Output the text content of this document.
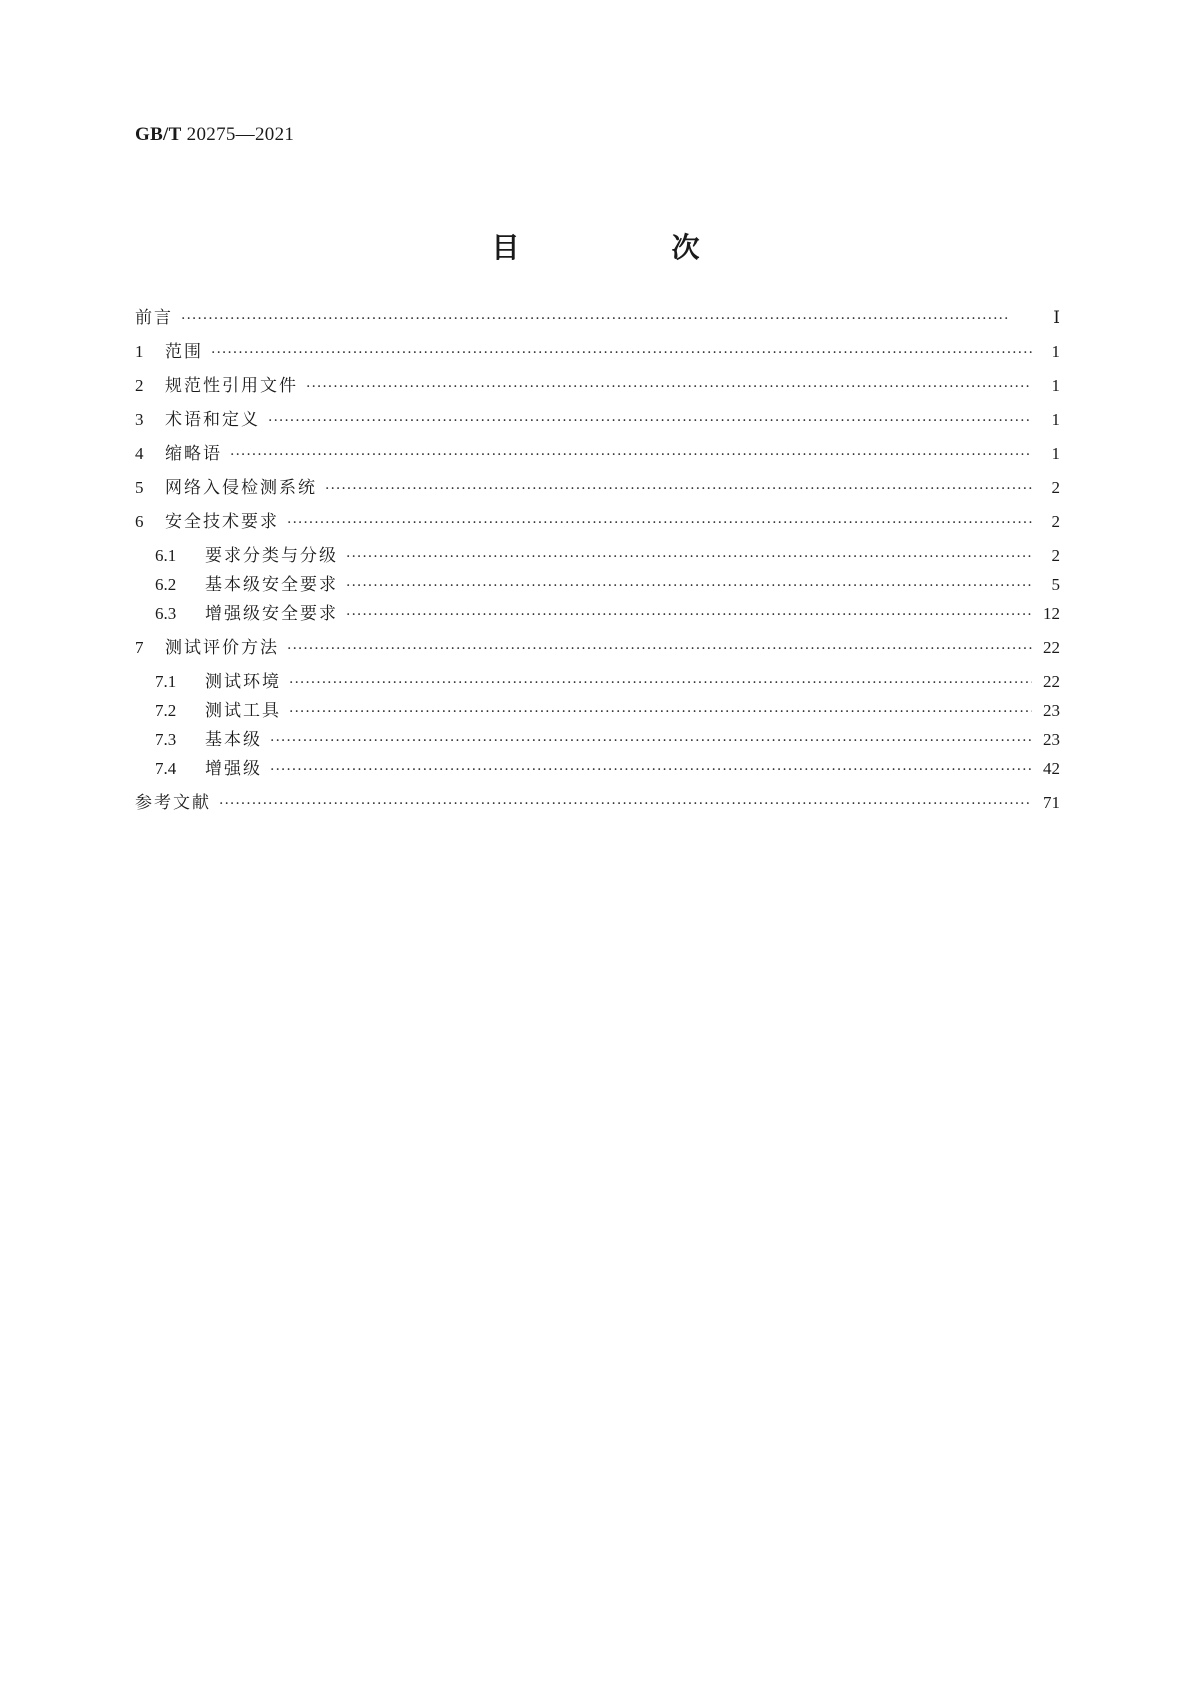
GB/T 20275—2021
目　次
前言 ·····	Ⅰ
1	范围 ·····	1
2	规范性引用文件 ·····	1
3	术语和定义 ·····	1
4	缩略语 ·····	1
5	网络入侵检测系统 ·····	2
6	安全技术要求 ·····	2
6.1	要求分类与分级 ·····	2
6.2	基本级安全要求 ·····	5
6.3	增强级安全要求 ·····	12
7	测试评价方法 ·····	22
7.1	测试环境 ·····	22
7.2	测试工具 ·····	23
7.3	基本级 ·····	23
7.4	增强级 ·····	42
参考文献 ·····	71
